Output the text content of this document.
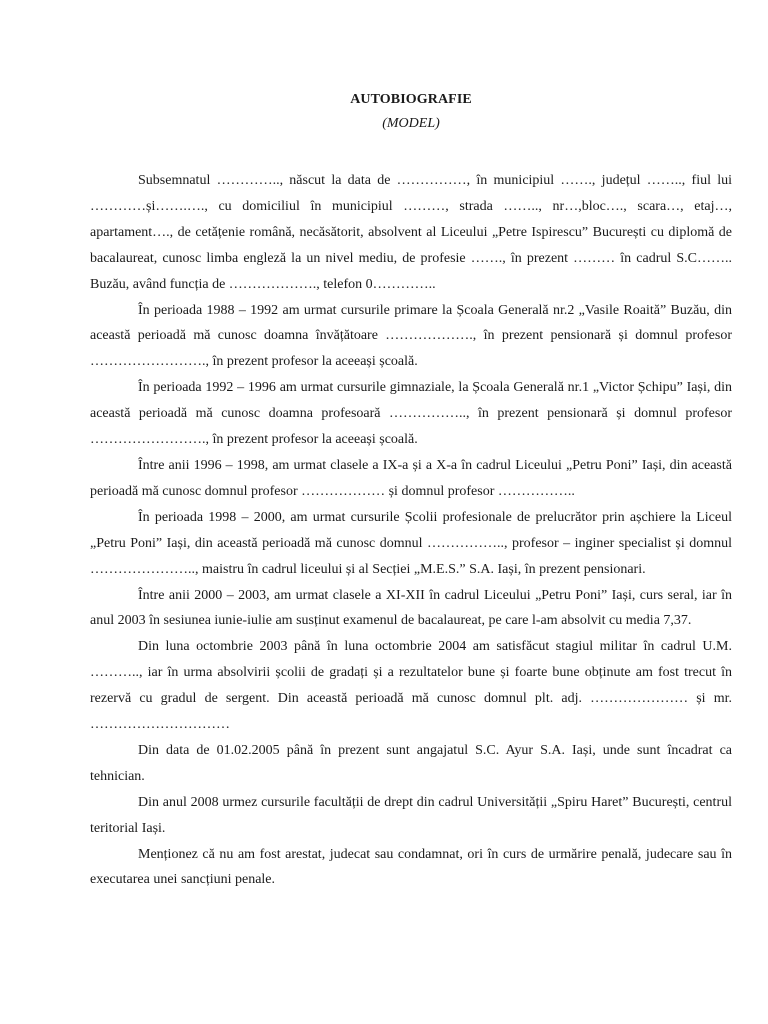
AUTOBIOGRAFIE
(MODEL)

Subsemnatul ………….., născut la data de ……………, în municipiul ……., județul …….., fiul lui …………și…….…., cu domiciliul în municipiul ………, strada …….., nr…,bloc…., scara…, etaj…, apartament…., de cetățenie română, necăsătorit, absolvent al Liceului „Petre Ispirescu” București cu diplomă de bacalaureat, cunosc limba engleză la un nivel mediu, de profesie ……., în prezent ……… în cadrul S.C…….. Buzău, având funcția de ………………., telefon 0…………..

În perioada 1988 – 1992 am urmat cursurile primare la Școala Generală nr.2 „Vasile Roaită” Buzău, din această perioadă mă cunosc doamna învățătoare ………………., în prezent pensionară și domnul profesor ……………………., în prezent profesor la aceeași școală.

În perioada 1992 – 1996 am urmat cursurile gimnaziale, la Școala Generală nr.1 „Victor Șchipu” Iași, din această perioadă mă cunosc doamna profesoară …………….., în prezent pensionară și domnul profesor ……………………., în prezent profesor la aceeași școală.

Între anii 1996 – 1998, am urmat clasele a IX-a și a X-a în cadrul Liceului „Petru Poni” Iași, din această perioadă mă cunosc domnul profesor ……………… și domnul profesor ……………..

În perioada 1998 – 2000, am urmat cursurile Școlii profesionale de prelucrător prin așchiere la Liceul „Petru Poni” Iași, din această perioadă mă cunosc domnul …………….., profesor – inginer specialist și domnul ………………….., maistru în cadrul liceului și al Secției „M.E.S.” S.A. Iași, în prezent pensionari.

Între anii 2000 – 2003, am urmat clasele a XI-XII în cadrul Liceului „Petru Poni” Iași, curs seral, iar în anul 2003 în sesiunea iunie-iulie am susținut examenul de bacalaureat, pe care l-am absolvit cu media 7,37.

Din luna octombrie 2003 până în luna octombrie 2004 am satisfăcut stagiul militar în cadrul U.M. ……….., iar în urma absolvirii școlii de gradați și a rezultatelor bune și foarte bune obținute am fost trecut în rezervă cu gradul de sergent. Din această perioadă mă cunosc domnul plt. adj. ………………… și mr. …………………………

Din data de 01.02.2005 până în prezent sunt angajatul S.C. Ayur S.A. Iași, unde sunt încadrat ca tehnician.

Din anul 2008 urmez cursurile facultății de drept din cadrul Universității „Spiru Haret” București, centrul teritorial Iași.

Menționez că nu am fost arestat, judecat sau condamnat, ori în curs de urmărire penală, judecare sau în executarea unei sancțiuni penale.
